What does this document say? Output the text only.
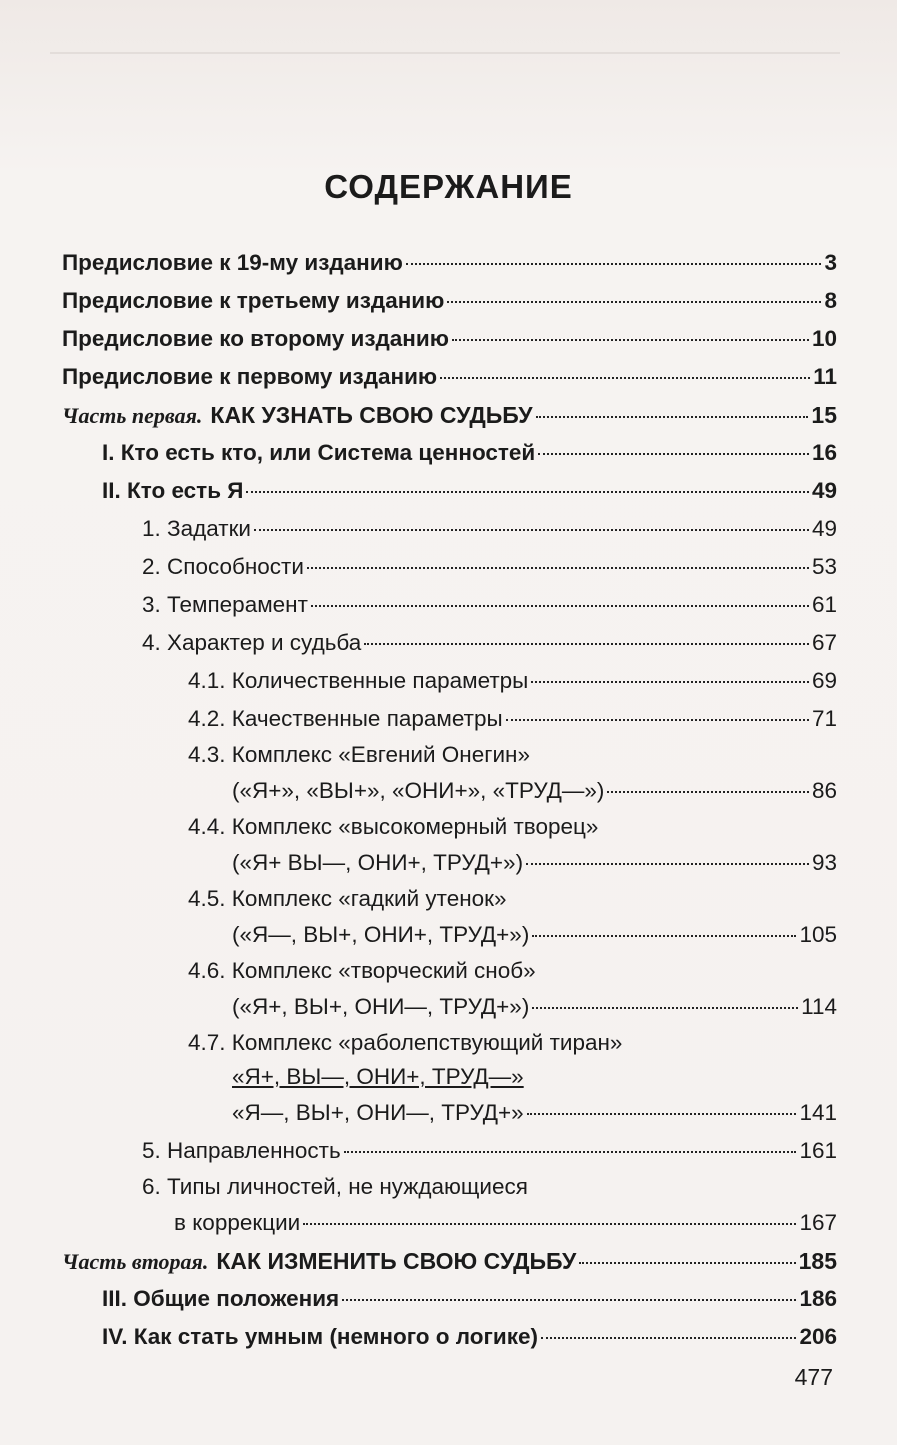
СОДЕРЖАНИЕ
Предисловие к 19-му изданию	3
Предисловие к третьему изданию	8
Предисловие ко второму изданию	10
Предисловие к первому изданию	11
Часть первая. КАК УЗНАТЬ СВОЮ СУДЬБУ	15
I. Кто есть кто, или Система ценностей	16
II. Кто есть Я	49
1. Задатки	49
2. Способности	53
3. Темперамент	61
4. Характер и судьба	67
4.1. Количественные параметры	69
4.2. Качественные параметры	71
4.3. Комплекс «Евгений Онегин»
(«Я+», «ВЫ+», «ОНИ+», «ТРУД—»)	86
4.4. Комплекс «высокомерный творец»
(«Я+ ВЫ—, ОНИ+, ТРУД+»)	93
4.5. Комплекс «гадкий утенок»
(«Я—, ВЫ+, ОНИ+, ТРУД+»)	105
4.6. Комплекс «творческий сноб»
(«Я+, ВЫ+, ОНИ—, ТРУД+»)	114
4.7. Комплекс «раболепствующий тиран»
«Я+, ВЫ—, ОНИ+, ТРУД—»
«Я—, ВЫ+, ОНИ—, ТРУД+»	141
5. Направленность	161
6. Типы личностей, не нуждающиеся
в коррекции	167
Часть вторая. КАК ИЗМЕНИТЬ СВОЮ СУДЬБУ	185
III. Общие положения	186
IV. Как стать умным (немного о логике)	206
477
